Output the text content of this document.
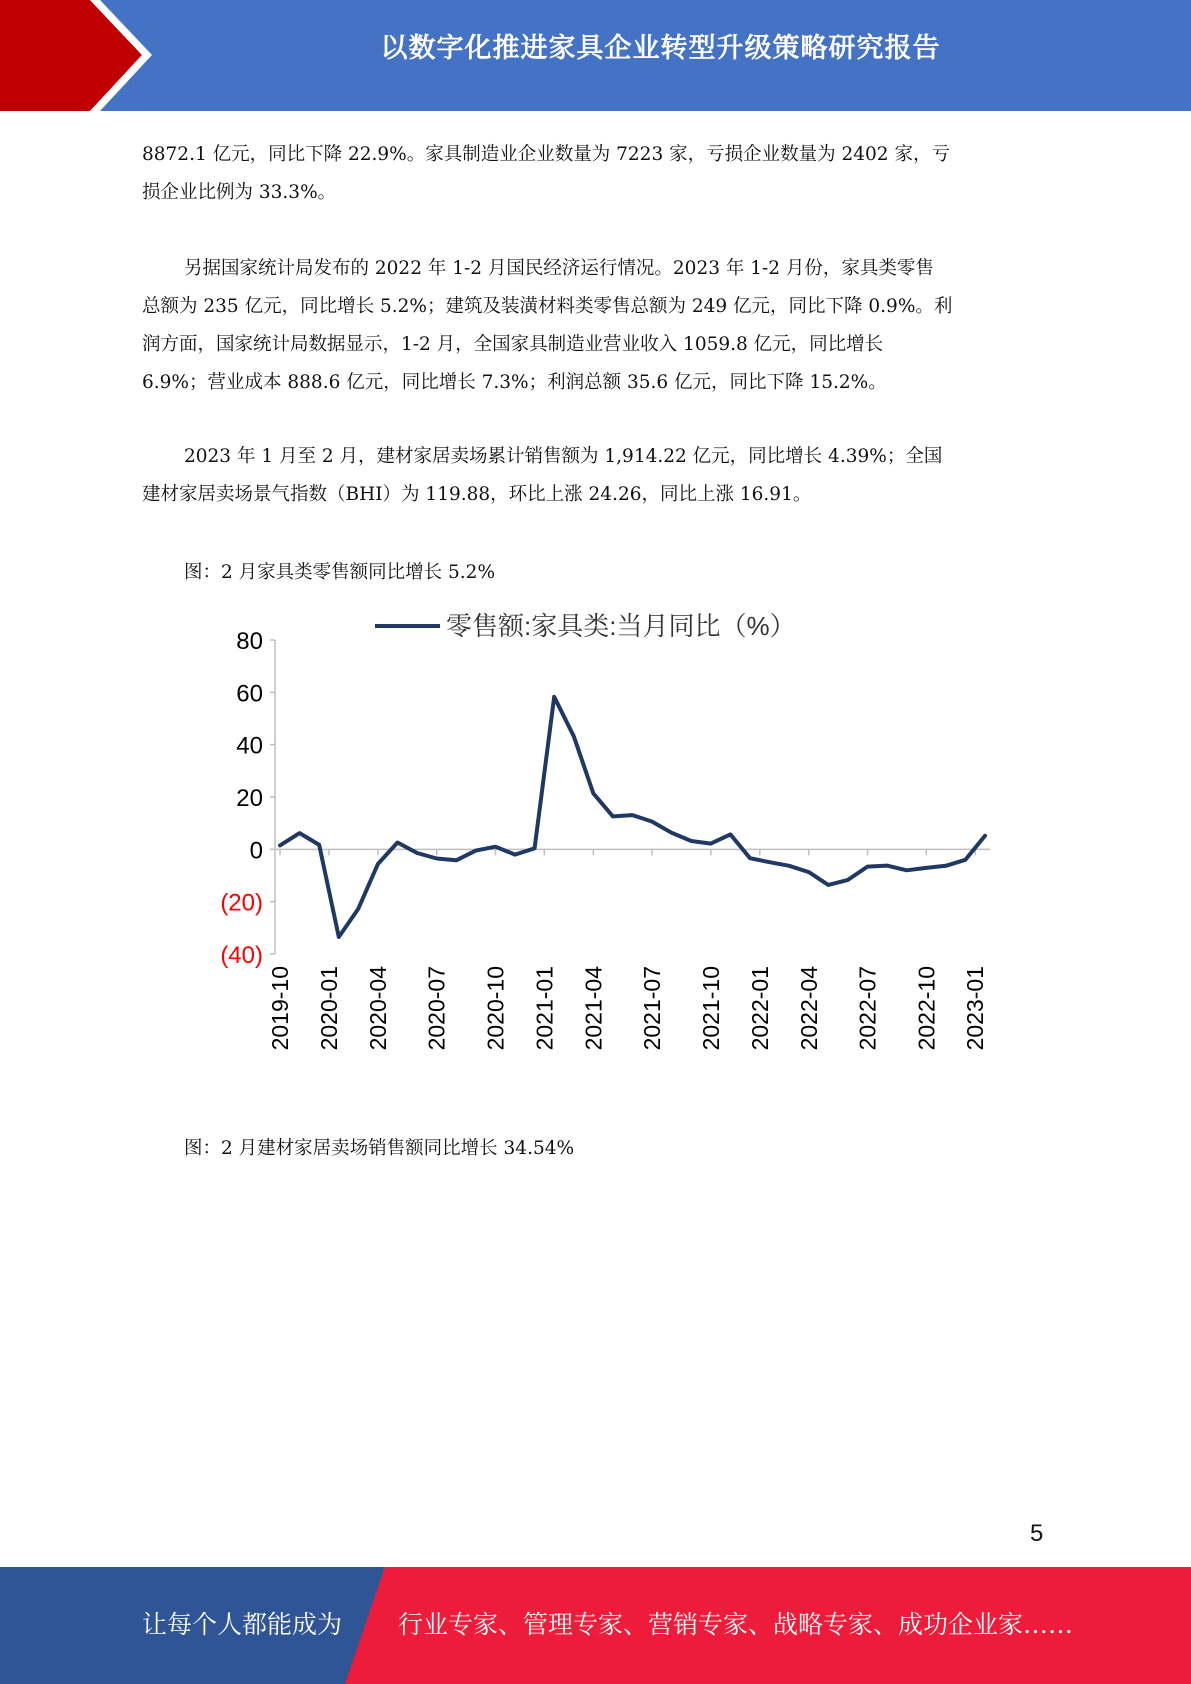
以数字化推进家具企业转型升级策略研究报告

8872.1 亿元，同比下降 22.9%。家具制造业企业数量为 7223 家，亏损企业数量为 2402 家，亏
损企业比例为 33.3%。

另据国家统计局发布的 2022 年 1-2 月国民经济运行情况。2023 年 1-2 月份，家具类零售
总额为 235 亿元，同比增长 5.2%；建筑及装潢材料类零售总额为 249 亿元，同比下降 0.9%。利
润方面，国家统计局数据显示，1-2 月，全国家具制造业营业收入 1059.8 亿元，同比增长
6.9%；营业成本 888.6 亿元，同比增长 7.3%；利润总额 35.6 亿元，同比下降 15.2%。

2023 年 1 月至 2 月，建材家居卖场累计销售额为 1,914.22 亿元，同比增长 4.39%；全国
建材家居卖场景气指数（BHI）为 119.88，环比上涨 24.26，同比上涨 16.91。

图：2 月家具类零售额同比增长 5.2%
80
60
40
20
0
(20)
(40)
2019-10 2020-01 2020-04 2020-07 2020-10 2021-01 2021-04 2021-07 2021-10 2022-01 2022-04 2022-07 2022-10 2023-01
零售额:家具类:当月同比（%）
图：2 月建材家居卖场销售额同比增长 34.54%
5
让每个人都能成为 行业专家、管理专家、营销专家、战略专家、成功企业家……
